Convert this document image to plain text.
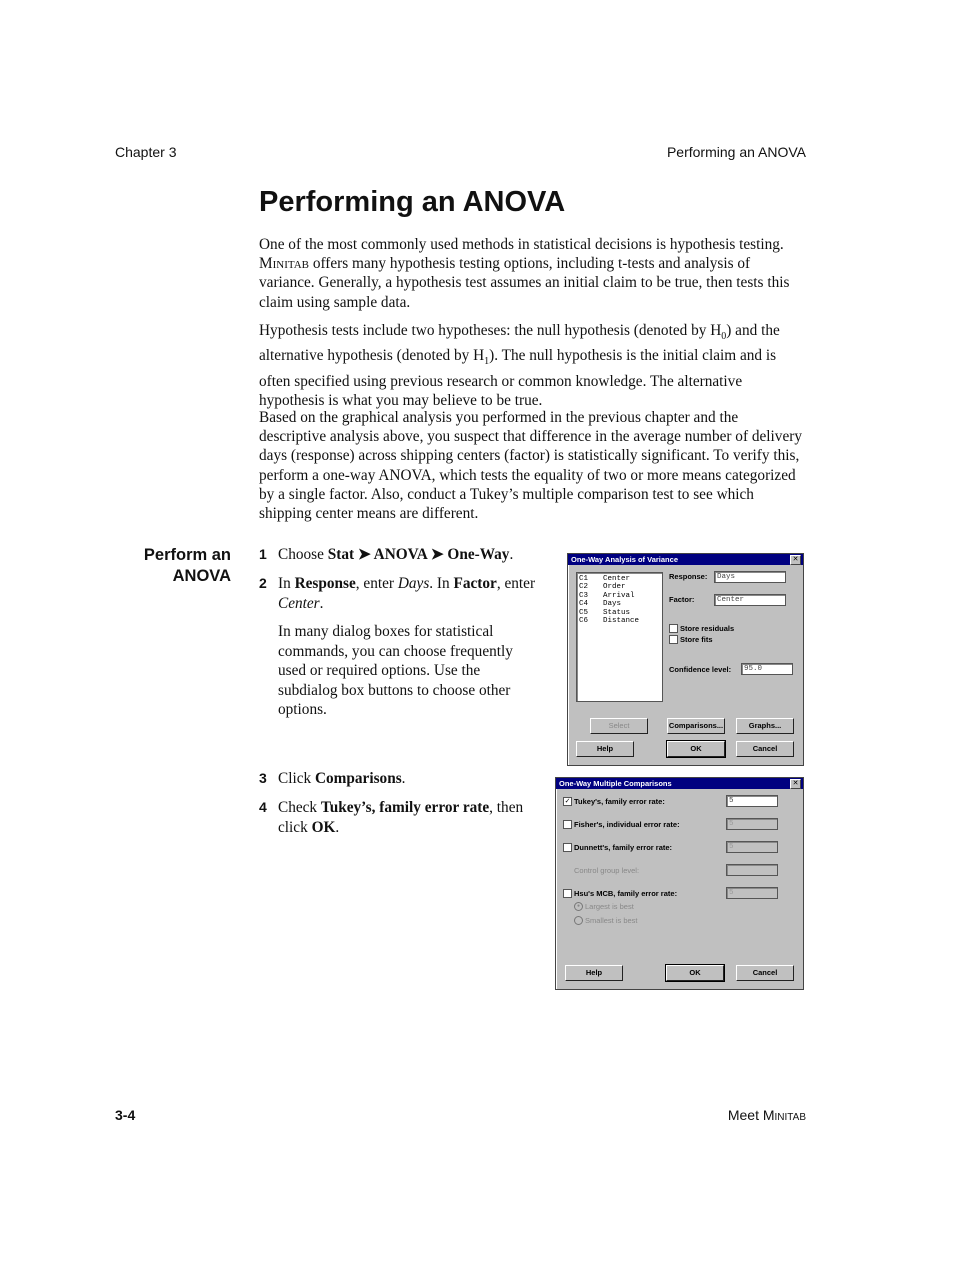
Chapter 3	Performing an ANOVA
Performing an ANOVA

One of the most commonly used methods in statistical decisions is hypothesis testing. Minitab offers many hypothesis testing options, including t-tests and analysis of variance. Generally, a hypothesis test assumes an initial claim to be true, then tests this claim using sample data.

Hypothesis tests include two hypotheses: the null hypothesis (denoted by $H_0$) and the alternative hypothesis (denoted by $H_1$). The null hypothesis is the initial claim and is often specified using previous research or common knowledge. The alternative hypothesis is what you may believe to be true.

Based on the graphical analysis you performed in the previous chapter and the descriptive analysis above, you suspect that difference in the average number of delivery days (response) across shipping centers (factor) is statistically significant. To verify this, perform a one-way ANOVA, which tests the equality of two or more means categorized by a single factor. Also, conduct a Tukey’s multiple comparison test to see which shipping center means are different.

Perform an
ANOVA
1 Choose Stat ➤ ANOVA ➤ One-Way.
2 In Response, enter Days. In Factor, enter Center.
In many dialog boxes for statistical commands, you can choose frequently used or required options. Use the subdialog box buttons to choose other options.
3 Click Comparisons.
4 Check Tukey’s, family error rate, then click OK.
One-Way Analysis of Variance	✕
C1 Center
C2 Order
C3 Arrival
C4 Days
C5 Status
C6 Distance
Response:	Days
Factor:	Center
Store residuals
Store fits
Confidence level:	95.0
Select	Comparisons...	Graphs...
Help	OK	Cancel
One-Way Multiple Comparisons	✕
✓ Tukey's, family error rate:	5
Fisher's, individual error rate:	5
Dunnett's, family error rate:	5
Control group level:
Hsu's MCB, family error rate:	5
● Largest is best
Smallest is best
Help	OK	Cancel
3-4	Meet Minitab
